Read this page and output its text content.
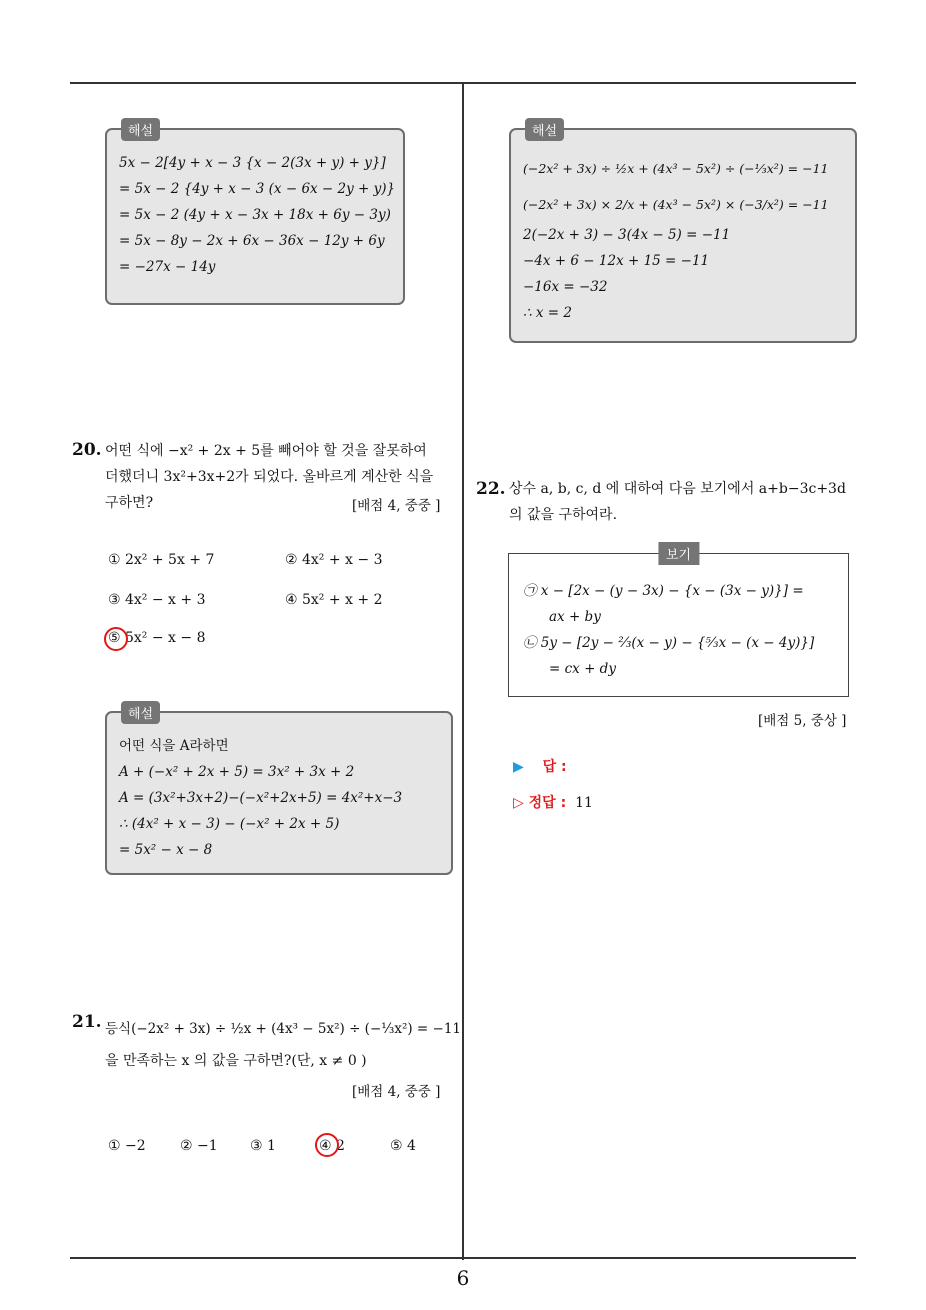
해설
5x − 2[4y + x − 3 {x − 2(3x + y) + y}]
= 5x − 2 {4y + x − 3 (x − 6x − 2y + y)}
= 5x − 2 (4y + x − 3x + 18x + 6y − 3y)
= 5x − 8y − 2x + 6x − 36x − 12y + 6y
= −27x − 14y
20. 어떤 식에 −x² + 2x + 5를 빼어야 할 것을 잘못하여
더했더니 3x²+3x+2가 되었다. 올바르게 계산한 식을
구하면?	[배점 4, 중중 ]
① 2x² + 5x + 7	② 4x² + x − 3
③ 4x² − x + 3	④ 5x² + x + 2
⑤ 5x² − x − 8
해설
어떤 식을 A라하면
A + (−x² + 2x + 5) = 3x² + 3x + 2
A = (3x²+3x+2)−(−x²+2x+5) = 4x²+x−3
∴ (4x² + x − 3) − (−x² + 2x + 5)
= 5x² − x − 8
21. 등식(−2x² + 3x) ÷ ½x + (4x³ − 5x²) ÷ (−⅓x²) = −11
을 만족하는 x 의 값을 구하면?(단, x ≠ 0 )
[배점 4, 중중 ]
① −2 ② −1 ③ 1	④ 2	⑤ 4
해설
(−2x² + 3x) ÷ ½x + (4x³ − 5x²) ÷ (−⅓x²) = −11
(−2x² + 3x) × 2/x + (4x³ − 5x²) × (−3/x²) = −11
2(−2x + 3) − 3(4x − 5) = −11
−4x + 6 − 12x + 15 = −11
−16x = −32
∴ x = 2
22. 상수 a, b, c, d 에 대하여 다음 보기에서 a+b−3c+3d
의 값을 구하여라.
보기
㉠ x − [2x − (y − 3x) − {x − (3x − y)}] =
ax + by
㉡ 5y − [2y − ⅔(x − y) − {⁵⁄₃x − (x − 4y)}]
= cx + dy
[배점 5, 중상 ]
▶ 답 :
▷ 정답 : 11
6
